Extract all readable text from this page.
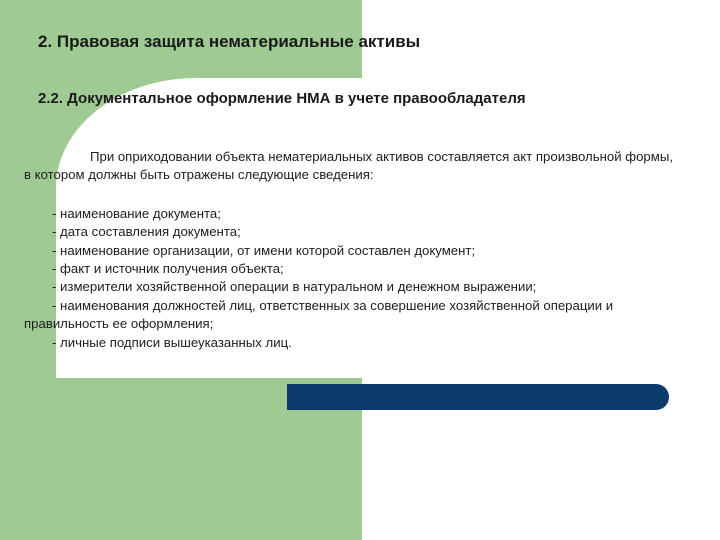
2. Правовая защита нематериальные активы
2.2. Документальное оформление НМА в учете правообладателя

При оприходовании объекта нематериальных активов составляется акт произвольной формы, в котором должны быть отражены следующие сведения:

- наименование документа;
- дата составления документа;
- наименование организации, от имени которой составлен документ;
- факт и источник получения объекта;
- измерители хозяйственной операции в натуральном и денежном выражении;
- наименования должностей лиц, ответственных за совершение хозяйственной операции и правильность ее оформления;
- личные подписи вышеуказанных лиц.
